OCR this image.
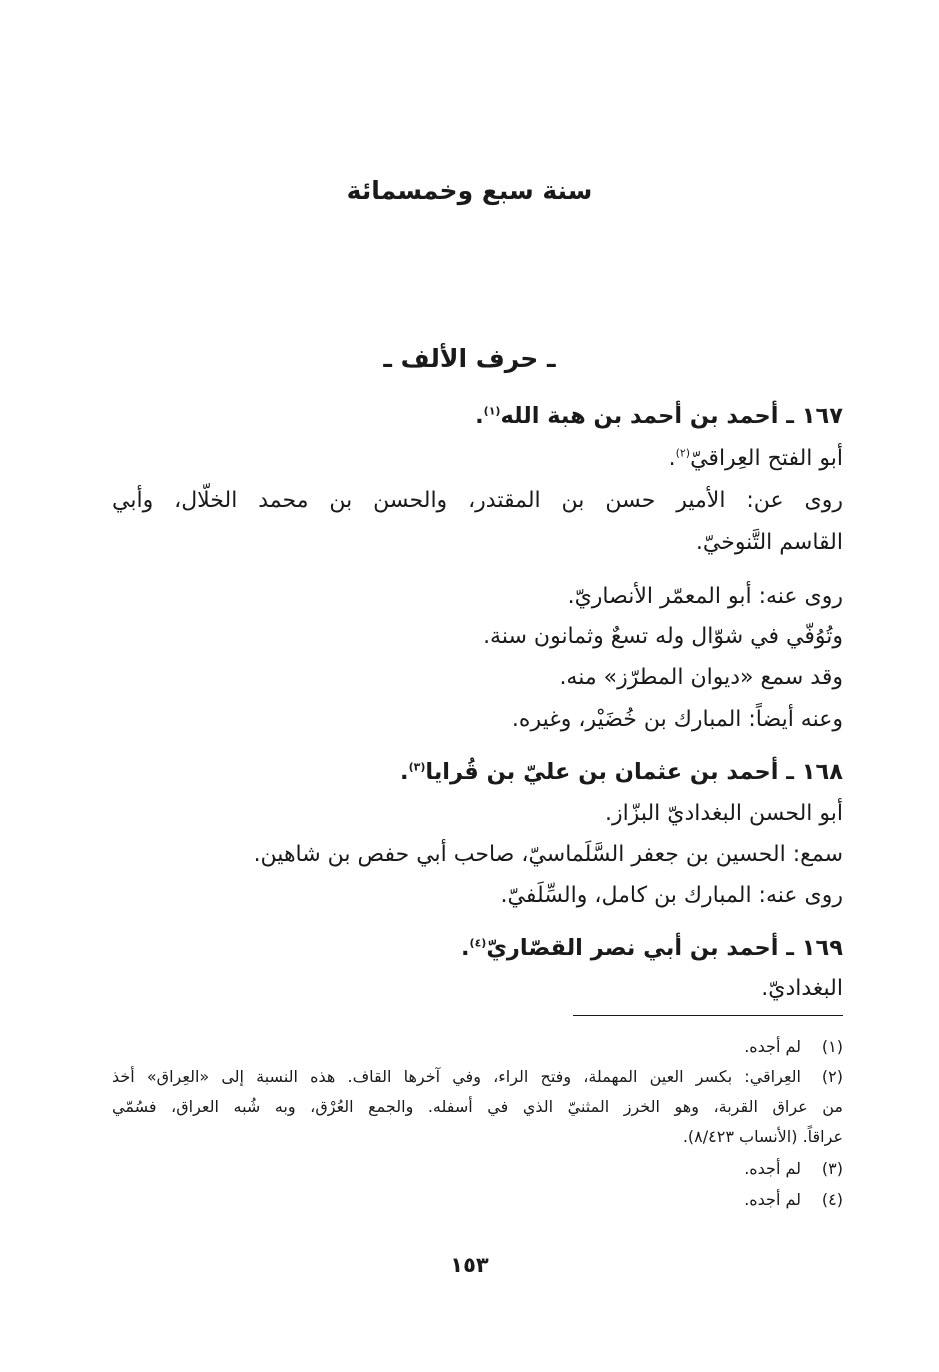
سنة سبع وخمسمائة
ـ حرف الألف ـ
١٦٧ ـ أحمد بن أحمد بن هبة الله$^{(١)}$.
أبو الفتح العِراقيّ$^{(٢)}$.
روى عن: الأمير حسن بن المقتدر، والحسن بن محمد الخلّال، وأبي
القاسم التَّنوخيّ.
روى عنه: أبو المعمّر الأنصاريّ.
وتُوُفّي في شوّال وله تسعٌ وثمانون سنة.
وقد سمع «ديوان المطرّز» منه.
وعنه أيضاً: المبارك بن خُضَيْر، وغيره.
١٦٨ ـ أحمد بن عثمان بن عليّ بن قُرايا$^{(٣)}$.
أبو الحسن البغداديّ البزّاز.
سمع: الحسين بن جعفر السَّلَماسيّ، صاحب أبي حفص بن شاهين.
روى عنه: المبارك بن كامل، والسِّلَفيّ.
١٦٩ ـ أحمد بن أبي نصر القصّاريّ$^{(٤)}$.
البغداديّ.
(١)لم أجده.
(٢)العِراقي: بكسر العين المهملة، وفتح الراء، وفي آخرها القاف. هذه النسبة إلى «العِراق» أخذ
من عراق القربة، وهو الخرز المثنيّ الذي في أسفله. والجمع العُرْق، وبه شُبه العراق، فسُمّي
عراقاً. (الأنساب ٨/٤٢٣).
(٣)لم أجده.
(٤)لم أجده.
١٥٣
